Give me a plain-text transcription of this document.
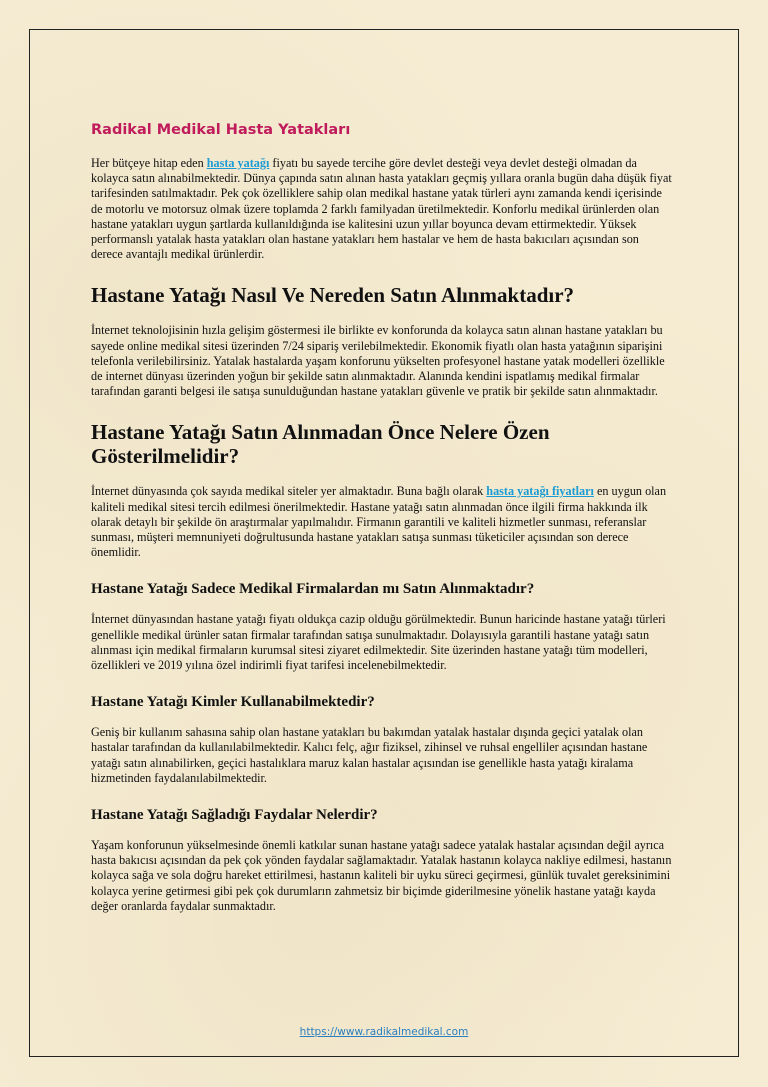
Radikal Medikal Hasta Yatakları

Her bütçeye hitap eden hasta yatağı fiyatı bu sayede tercihe göre devlet desteği veya devlet desteği olmadan da kolayca satın alınabilmektedir. Dünya çapında satın alınan hasta yatakları geçmiş yıllara oranla bugün daha düşük fiyat tarifesinden satılmaktadır. Pek çok özelliklere sahip olan medikal hastane yatak türleri aynı zamanda kendi içerisinde de motorlu ve motorsuz olmak üzere toplamda 2 farklı familyadan üretilmektedir. Konforlu medikal ürünlerden olan hastane yatakları uygun şartlarda kullanıldığında ise kalitesini uzun yıllar boyunca devam ettirmektedir. Yüksek performanslı yatalak hasta yatakları olan hastane yatakları hem hastalar ve hem de hasta bakıcıları açısından son derece avantajlı medikal ürünlerdir.

Hastane Yatağı Nasıl Ve Nereden Satın Alınmaktadır?

İnternet teknolojisinin hızla gelişim göstermesi ile birlikte ev konforunda da kolayca satın alınan hastane yatakları bu sayede online medikal sitesi üzerinden 7/24 sipariş verilebilmektedir. Ekonomik fiyatlı olan hasta yatağının siparişini telefonla verilebilirsiniz. Yatalak hastalarda yaşam konforunu yükselten profesyonel hastane yatak modelleri özellikle de internet dünyası üzerinden yoğun bir şekilde satın alınmaktadır. Alanında kendini ispatlamış medikal firmalar tarafından garanti belgesi ile satışa sunulduğundan hastane yatakları güvenle ve pratik bir şekilde satın alınmaktadır.

Hastane Yatağı Satın Alınmadan Önce Nelere Özen Gösterilmelidir?

İnternet dünyasında çok sayıda medikal siteler yer almaktadır. Buna bağlı olarak hasta yatağı fiyatları en uygun olan kaliteli medikal sitesi tercih edilmesi önerilmektedir. Hastane yatağı satın alınmadan önce ilgili firma hakkında ilk olarak detaylı bir şekilde ön araştırmalar yapılmalıdır. Firmanın garantili ve kaliteli hizmetler sunması, referanslar sunması, müşteri memnuniyeti doğrultusunda hastane yatakları satışa sunması tüketiciler açısından son derece önemlidir.

Hastane Yatağı Sadece Medikal Firmalardan mı Satın Alınmaktadır?

İnternet dünyasından hastane yatağı fiyatı oldukça cazip olduğu görülmektedir. Bunun haricinde hastane yatağı türleri genellikle medikal ürünler satan firmalar tarafından satışa sunulmaktadır. Dolayısıyla garantili hastane yatağı satın alınması için medikal firmaların kurumsal sitesi ziyaret edilmektedir. Site üzerinden hastane yatağı tüm modelleri, özellikleri ve 2019 yılına özel indirimli fiyat tarifesi incelenebilmektedir.

Hastane Yatağı Kimler Kullanabilmektedir?

Geniş bir kullanım sahasına sahip olan hastane yatakları bu bakımdan yatalak hastalar dışında geçici yatalak olan hastalar tarafından da kullanılabilmektedir. Kalıcı felç, ağır fiziksel, zihinsel ve ruhsal engelliler açısından hastane yatağı satın alınabilirken, geçici hastalıklara maruz kalan hastalar açısından ise genellikle hasta yatağı kiralama hizmetinden faydalanılabilmektedir.

Hastane Yatağı Sağladığı Faydalar Nelerdir?

Yaşam konforunun yükselmesinde önemli katkılar sunan hastane yatağı sadece yatalak hastalar açısından değil ayrıca hasta bakıcısı açısından da pek çok yönden faydalar sağlamaktadır. Yatalak hastanın kolayca nakliye edilmesi, hastanın kolayca sağa ve sola doğru hareket ettirilmesi, hastanın kaliteli bir uyku süreci geçirmesi, günlük tuvalet gereksinimini kolayca yerine getirmesi gibi pek çok durumların zahmetsiz bir biçimde giderilmesine yönelik hastane yatağı kayda değer oranlarda faydalar sunmaktadır.

https://www.radikalmedikal.com
